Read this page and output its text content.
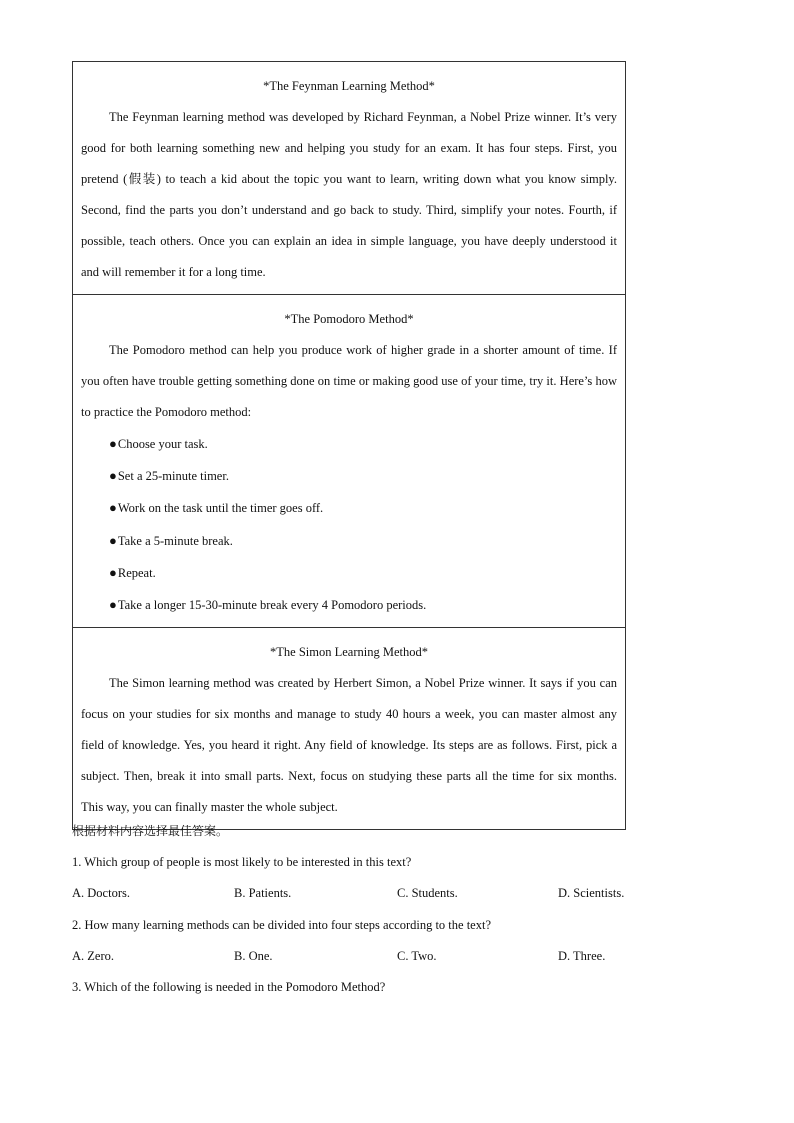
*The Feynman Learning Method*
The Feynman learning method was developed by Richard Feynman, a Nobel Prize winner. It’s very good for both learning something new and helping you study for an exam. It has four steps. First, you pretend (假装) to teach a kid about the topic you want to learn, writing down what you know simply. Second, find the parts you don’t understand and go back to study. Third, simplify your notes. Fourth, if possible, teach others. Once you can explain an idea in simple language, you have deeply understood it and will remember it for a long time.

*The Pomodoro Method*
The Pomodoro method can help you produce work of higher grade in a shorter amount of time. If you often have trouble getting something done on time or making good use of your time, try it. Here’s how to practice the Pomodoro method:
●Choose your task.
●Set a 25-minute timer.
●Work on the task until the timer goes off.
●Take a 5-minute break.
●Repeat.
●Take a longer 15-30-minute break every 4 Pomodoro periods.

*The Simon Learning Method*
The Simon learning method was created by Herbert Simon, a Nobel Prize winner. It says if you can focus on your studies for six months and manage to study 40 hours a week, you can master almost any field of knowledge. Yes, you heard it right. Any field of knowledge. Its steps are as follows. First, pick a subject. Then, break it into small parts. Next, focus on studying these parts all the time for six months. This way, you can finally master the whole subject.
根据材料内容选择最佳答案。
1. Which group of people is most likely to be interested in this text?
A. Doctors.	B. Patients.	C. Students.	D. Scientists.
2. How many learning methods can be divided into four steps according to the text?
A. Zero.	B. One.	C. Two.	D. Three.
3. Which of the following is needed in the Pomodoro Method?
